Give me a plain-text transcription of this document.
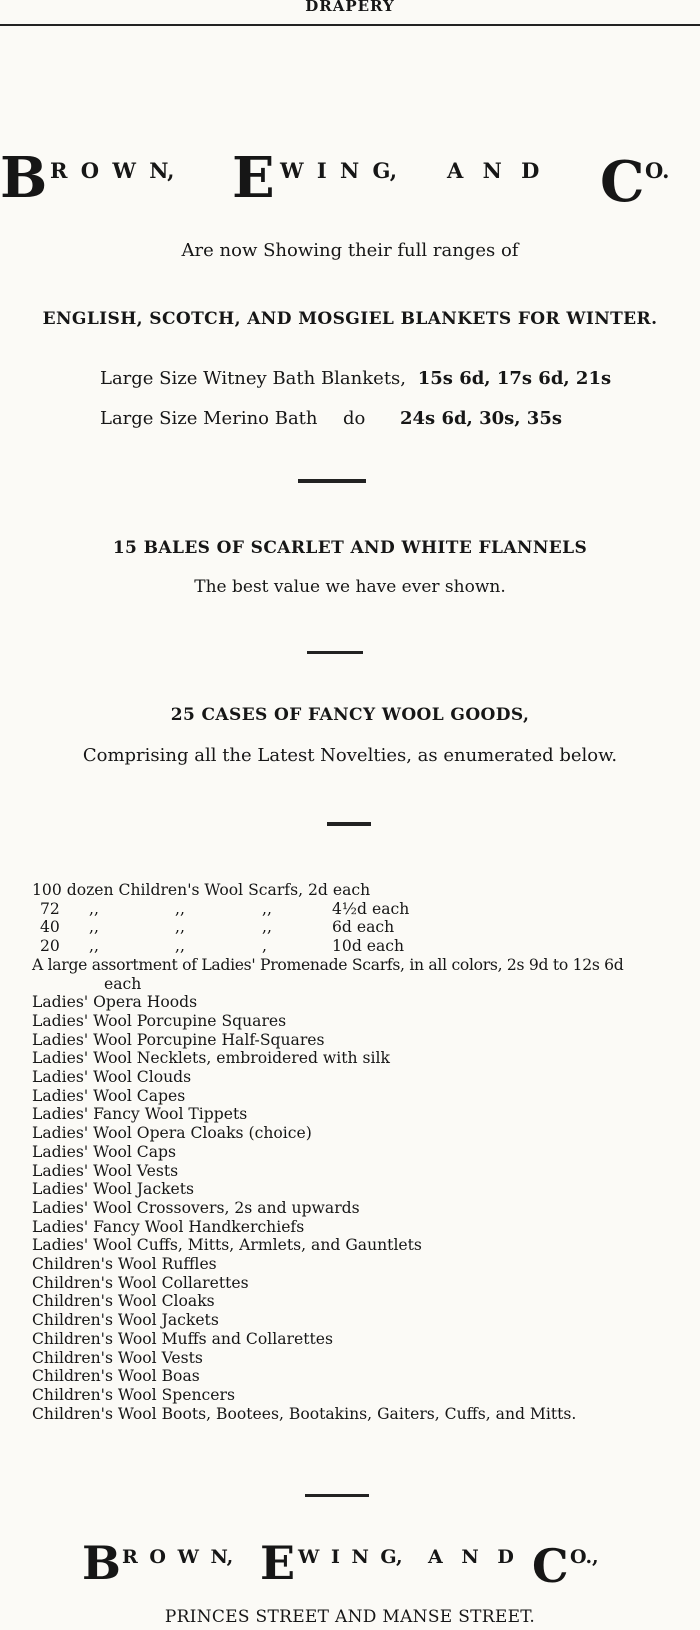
DRAPERY
B R O W N, E W I N G, A N D C O.
Are now Showing their full ranges of
ENGLISH, SCOTCH, AND MOSGIEL BLANKETS FOR WINTER.
Large Size Witney Bath Blankets, 15s 6d, 17s 6d, 21s
Large Size Merino Bath do 24s 6d, 30s, 35s
15 BALES OF SCARLET AND WHITE FLANNELS
The best value we have ever shown.
25 CASES OF FANCY WOOL GOODS,
Comprising all the Latest Novelties, as enumerated below.
100 dozen Children's Wool Scarfs, 2d each
72	,,	,,	,,	4½d each
40	,,	,,	,,	6d each
20	,,	,,	,	10d each
A large assortment of Ladies' Promenade Scarfs, in all colors, 2s 9d to 12s 6d
each
Ladies' Opera Hoods
Ladies' Wool Porcupine Squares
Ladies' Wool Porcupine Half-Squares
Ladies' Wool Necklets, embroidered with silk
Ladies' Wool Clouds
Ladies' Wool Capes
Ladies' Fancy Wool Tippets
Ladies' Wool Opera Cloaks (choice)
Ladies' Wool Caps
Ladies' Wool Vests
Ladies' Wool Jackets
Ladies' Wool Crossovers, 2s and upwards
Ladies' Fancy Wool Handkerchiefs
Ladies' Wool Cuffs, Mitts, Armlets, and Gauntlets
Children's Wool Ruffles
Children's Wool Collarettes
Children's Wool Cloaks
Children's Wool Jackets
Children's Wool Muffs and Collarettes
Children's Wool Vests
Children's Wool Boas
Children's Wool Spencers
Children's Wool Boots, Bootees, Bootakins, Gaiters, Cuffs, and Mitts.
B R O W N, E W I N G, A N D C O.,
PRINCES STREET AND MANSE STREET.
